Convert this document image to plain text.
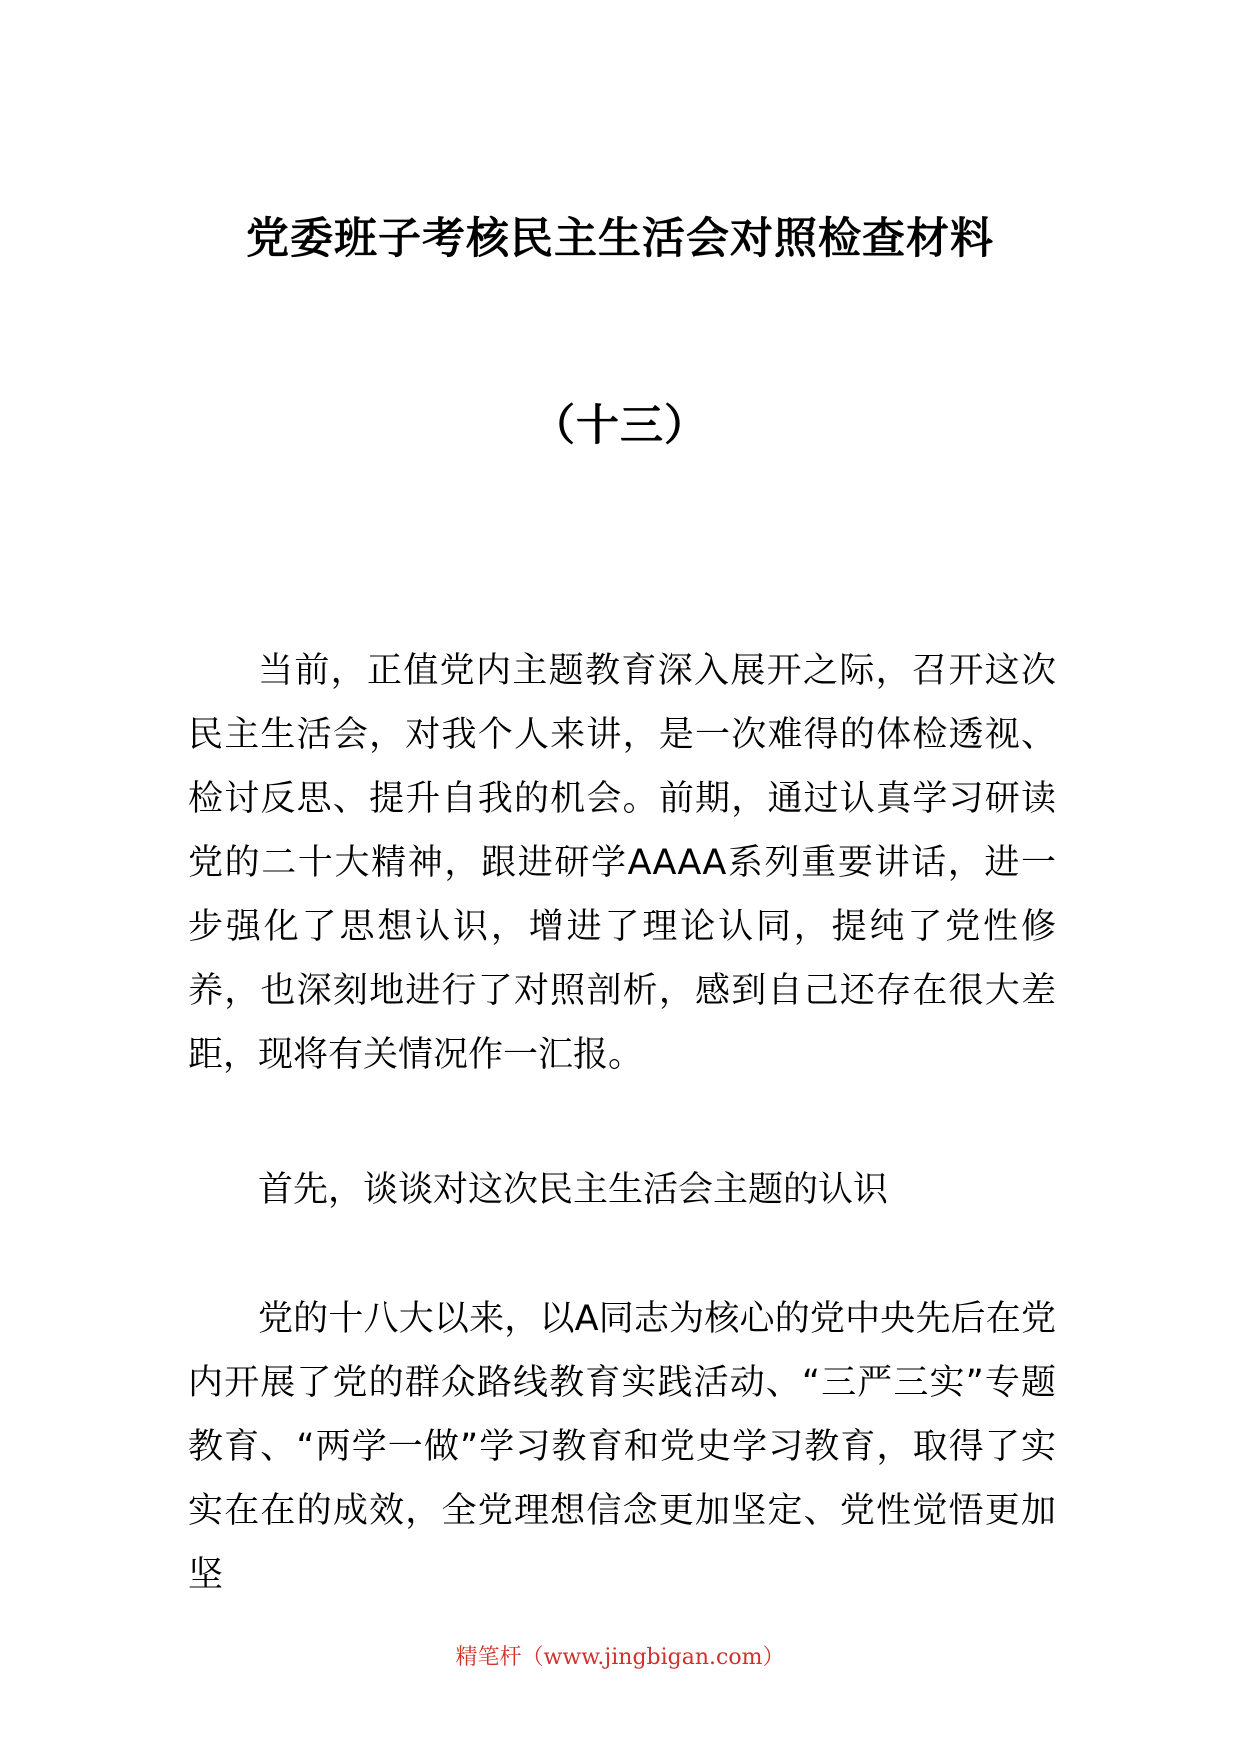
党委班子考核民主生活会对照检查材料
（十三）
当前，正值党内主题教育深入展开之际，召开这次民主生活会，对我个人来讲，是一次难得的体检透视、检讨反思、提升自我的机会。前期，通过认真学习研读党的二十大精神，跟进研学AAAA系列重要讲话，进一步强化了思想认识，增进了理论认同，提纯了党性修养，也深刻地进行了对照剖析，感到自己还存在很大差距，现将有关情况作一汇报。
首先，谈谈对这次民主生活会主题的认识
党的十八大以来，以A同志为核心的党中央先后在党内开展了党的群众路线教育实践活动、“三严三实”专题教育、“两学一做”学习教育和党史学习教育，取得了实实在在的成效，全党理想信念更加坚定、党性觉悟更加坚
精笔杆（www.jingbigan.com）
